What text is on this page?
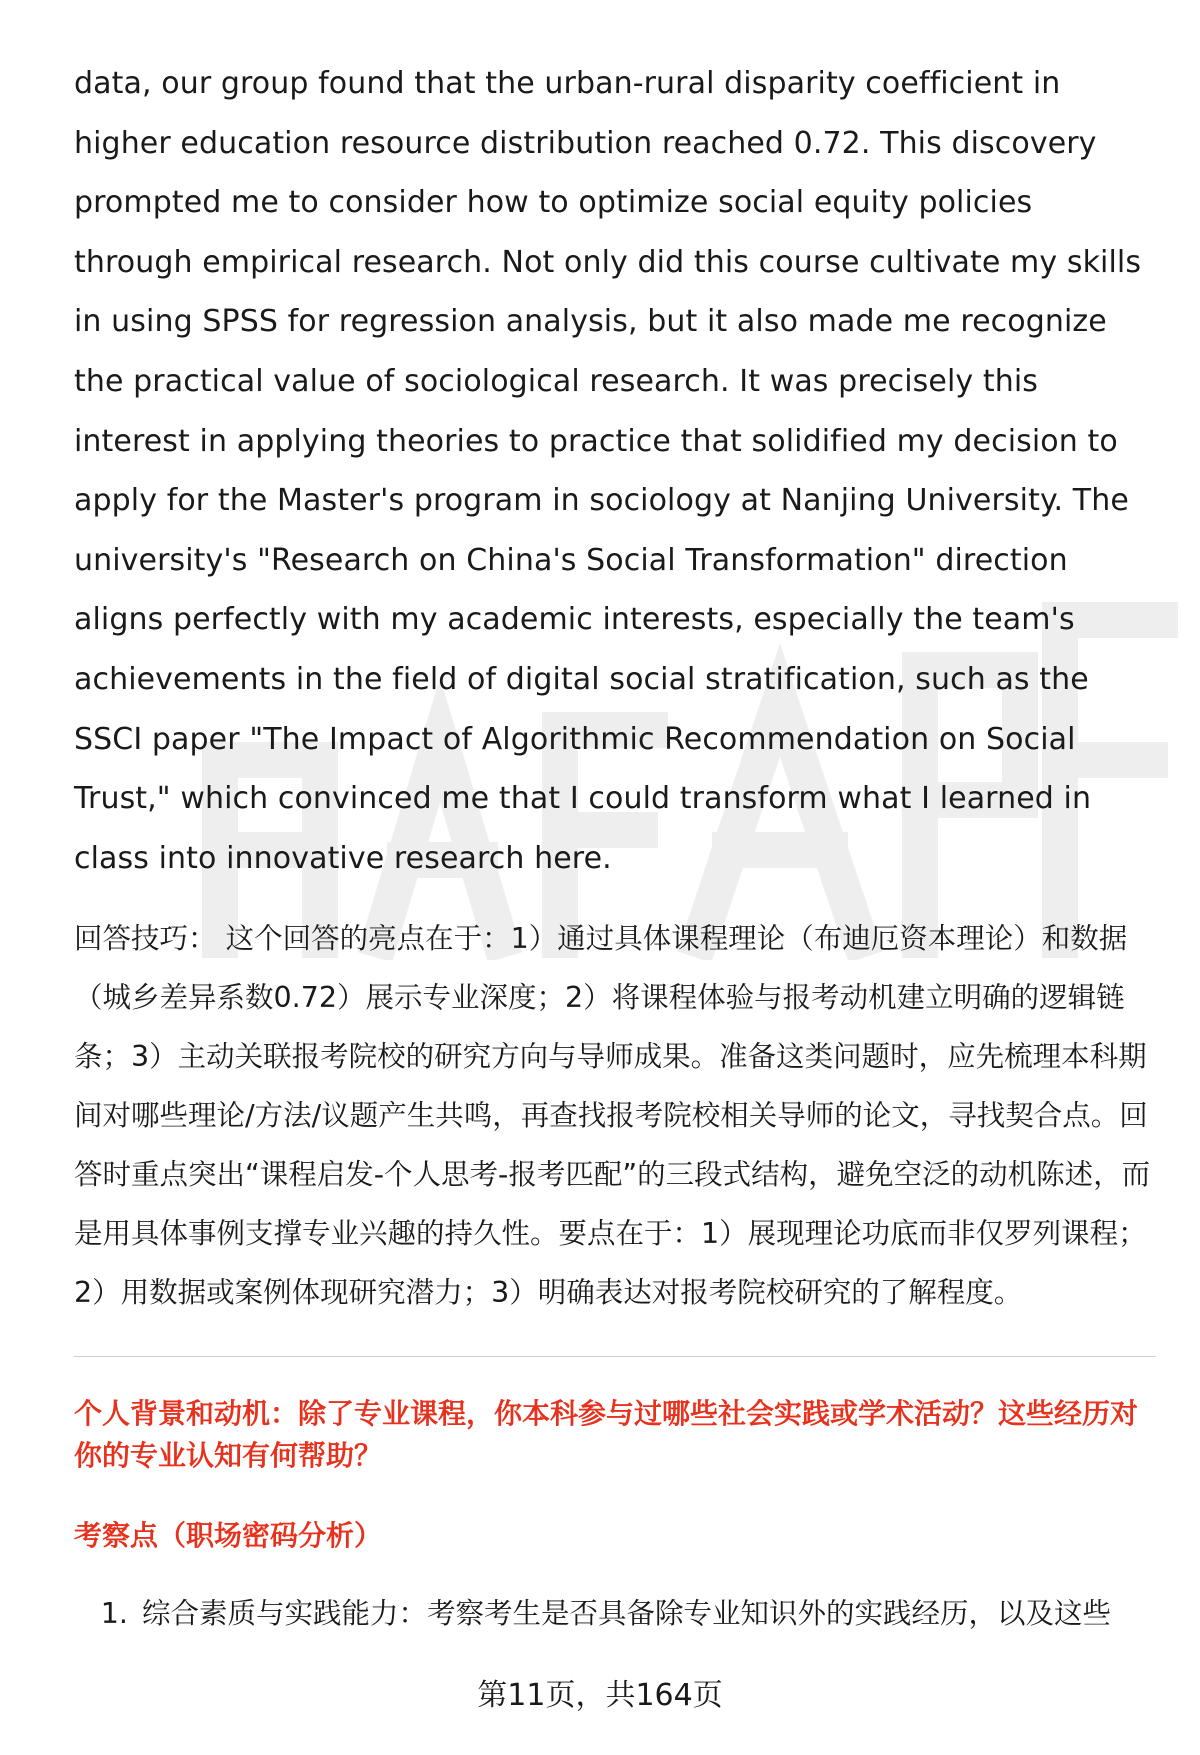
data, our group found that the urban-rural disparity coefficient in higher education resource distribution reached 0.72. This discovery prompted me to consider how to optimize social equity policies through empirical research. Not only did this course cultivate my skills in using SPSS for regression analysis, but it also made me recognize the practical value of sociological research. It was precisely this interest in applying theories to practice that solidified my decision to apply for the Master's program in sociology at Nanjing University. The university's "Research on China's Social Transformation" direction aligns perfectly with my academic interests, especially the team's achievements in the field of digital social stratification, such as the SSCI paper "The Impact of Algorithmic Recommendation on Social Trust," which convinced me that I could transform what I learned in class into innovative research here.

回答技巧： 这个回答的亮点在于：1）通过具体课程理论（布迪厄资本理论）和数据（城乡差异系数0.72）展示专业深度；2）将课程体验与报考动机建立明确的逻辑链条；3）主动关联报考院校的研究方向与导师成果。准备这类问题时，应先梳理本科期间对哪些理论/方法/议题产生共鸣，再查找报考院校相关导师的论文，寻找契合点。回答时重点突出“课程启发-个人思考-报考匹配”的三段式结构，避免空泛的动机陈述，而是用具体事例支撑专业兴趣的持久性。要点在于：1）展现理论功底而非仅罗列课程；2）用数据或案例体现研究潜力；3）明确表达对报考院校研究的了解程度。

个人背景和动机：除了专业课程，你本科参与过哪些社会实践或学术活动？这些经历对你的专业认知有何帮助？

考察点（职场密码分析）

1. 综合素质与实践能力：考察考生是否具备除专业知识外的实践经历，以及这些
第11页，共164页
